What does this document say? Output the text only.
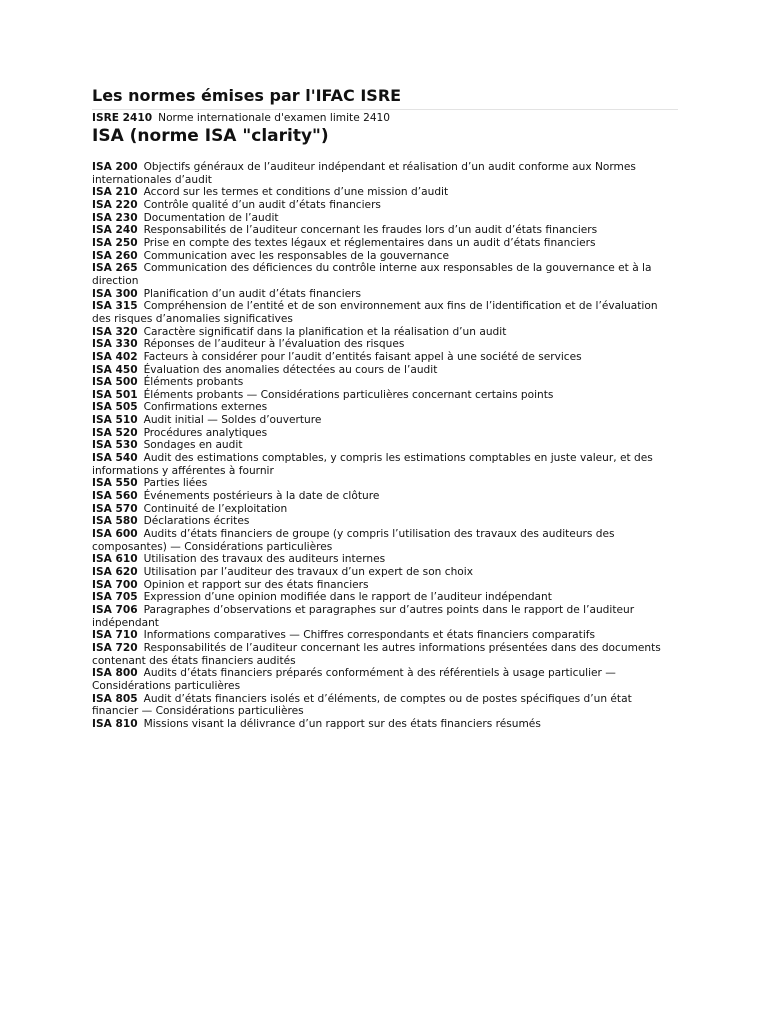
Les normes émises par l'IFAC ISRE
ISRE 2410 Norme internationale d'examen limite 2410
ISA (norme ISA "clarity")
ISA 200 Objectifs généraux de l’auditeur indépendant et réalisation d’un audit conforme aux Normes internationales d’audit
ISA 210 Accord sur les termes et conditions d’une mission d’audit
ISA 220 Contrôle qualité d’un audit d’états financiers
ISA 230 Documentation de l’audit
ISA 240 Responsabilités de l’auditeur concernant les fraudes lors d’un audit d’états financiers
ISA 250 Prise en compte des textes légaux et réglementaires dans un audit d’états financiers
ISA 260 Communication avec les responsables de la gouvernance
ISA 265 Communication des déficiences du contrôle interne aux responsables de la gouvernance et à la direction
ISA 300 Planification d’un audit d’états financiers
ISA 315 Compréhension de l’entité et de son environnement aux fins de l’identification et de l’évaluation des risques d’anomalies significatives
ISA 320 Caractère significatif dans la planification et la réalisation d’un audit
ISA 330 Réponses de l’auditeur à l’évaluation des risques
ISA 402 Facteurs à considérer pour l’audit d’entités faisant appel à une société de services
ISA 450 Évaluation des anomalies détectées au cours de l’audit
ISA 500 Éléments probants
ISA 501 Éléments probants — Considérations particulières concernant certains points
ISA 505 Confirmations externes
ISA 510 Audit initial — Soldes d’ouverture
ISA 520 Procédures analytiques
ISA 530 Sondages en audit
ISA 540 Audit des estimations comptables, y compris les estimations comptables en juste valeur, et des informations y afférentes à fournir
ISA 550 Parties liées
ISA 560 Événements postérieurs à la date de clôture
ISA 570 Continuité de l’exploitation
ISA 580 Déclarations écrites
ISA 600 Audits d’états financiers de groupe (y compris l’utilisation des travaux des auditeurs des composantes) — Considérations particulières
ISA 610 Utilisation des travaux des auditeurs internes
ISA 620 Utilisation par l’auditeur des travaux d’un expert de son choix
ISA 700 Opinion et rapport sur des états financiers
ISA 705 Expression d’une opinion modifiée dans le rapport de l’auditeur indépendant
ISA 706 Paragraphes d’observations et paragraphes sur d’autres points dans le rapport de l’auditeur indépendant
ISA 710 Informations comparatives — Chiffres correspondants et états financiers comparatifs
ISA 720 Responsabilités de l’auditeur concernant les autres informations présentées dans des documents contenant des états financiers audités
ISA 800 Audits d’états financiers préparés conformément à des référentiels à usage particulier — Considérations particulières
ISA 805 Audit d’états financiers isolés et d’éléments, de comptes ou de postes spécifiques d’un état financier — Considérations particulières
ISA 810 Missions visant la délivrance d’un rapport sur des états financiers résumés
